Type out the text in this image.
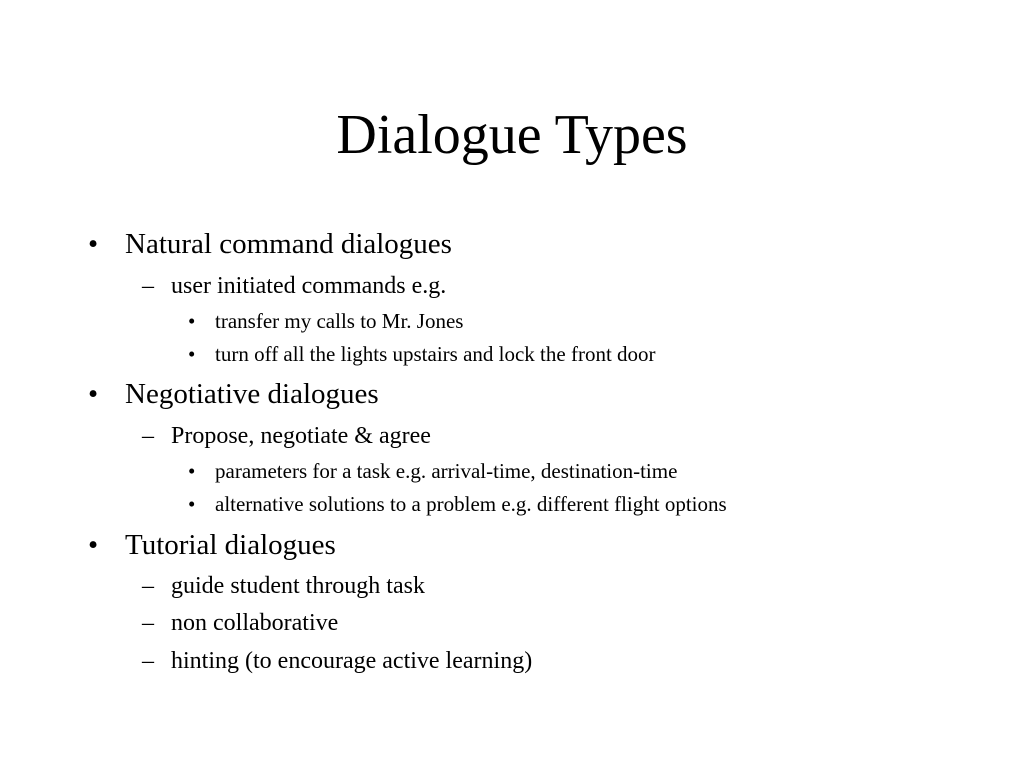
Dialogue Types
• Natural command dialogues
– user initiated commands e.g.
• transfer my calls to Mr. Jones
• turn off all the lights upstairs and lock the front door
• Negotiative dialogues
– Propose, negotiate & agree
• parameters for a task e.g. arrival-time, destination-time
• alternative solutions to a problem e.g. different flight options
• Tutorial dialogues
– guide student through task
– non collaborative
– hinting (to encourage active learning)
